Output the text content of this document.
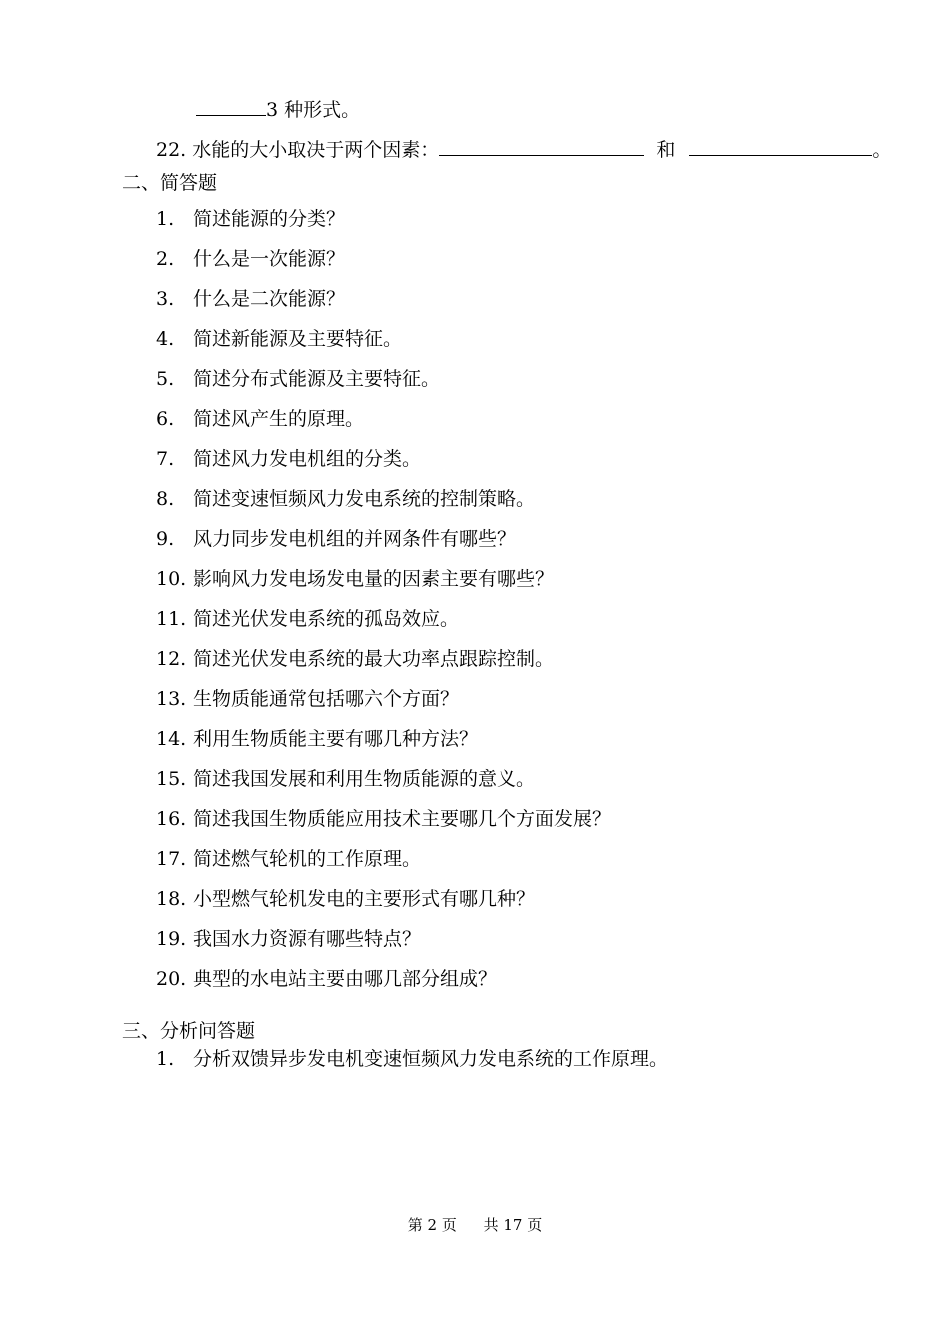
3 种形式。
22. 水能的大小取决于两个因素：	和	。
二、简答题
1. 简述能源的分类？
2. 什么是一次能源？
3. 什么是二次能源？
4. 简述新能源及主要特征。
5. 简述分布式能源及主要特征。
6. 简述风产生的原理。
7. 简述风力发电机组的分类。
8. 简述变速恒频风力发电系统的控制策略。
9. 风力同步发电机组的并网条件有哪些？
10. 影响风力发电场发电量的因素主要有哪些？
11. 简述光伏发电系统的孤岛效应。
12. 简述光伏发电系统的最大功率点跟踪控制。
13. 生物质能通常包括哪六个方面？
14. 利用生物质能主要有哪几种方法？
15. 简述我国发展和利用生物质能源的意义。
16. 简述我国生物质能应用技术主要哪几个方面发展？
17. 简述燃气轮机的工作原理。
18. 小型燃气轮机发电的主要形式有哪几种？
19. 我国水力资源有哪些特点？
20. 典型的水电站主要由哪几部分组成？
三、分析问答题
1. 分析双馈异步发电机变速恒频风力发电系统的工作原理。
第 2 页 共 17 页
